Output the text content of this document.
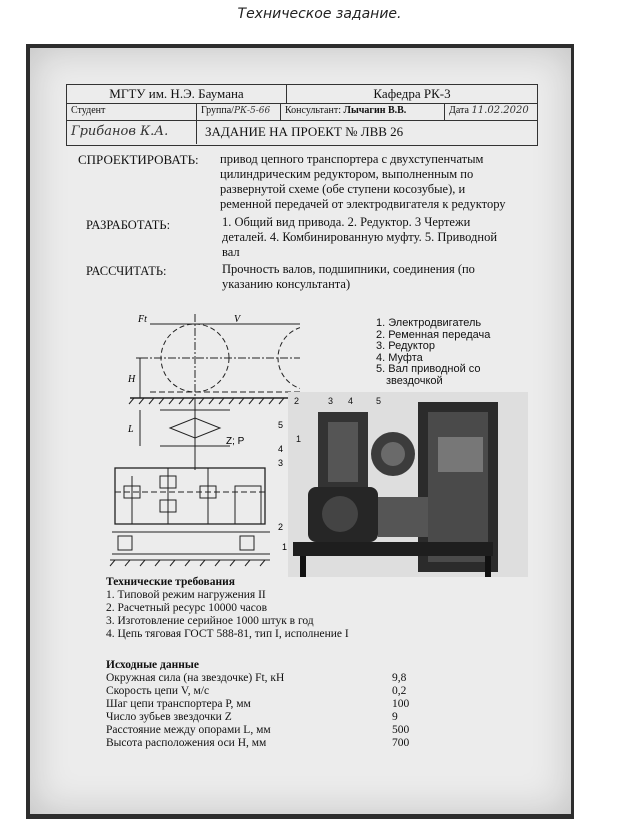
Техническое задание.
МГТУ им. Н.Э. Баумана	Кафедра РК-3
Студент	Группа/РК-5-66	Консультант: Лычагин В.В.	Дата 11.02.2020
Грибанов К.А.	ЗАДАНИЕ НА ПРОЕКТ № ЛВВ 26
СПРОЕКТИРОВАТЬ: привод цепного транспортера с двухступенчатым
цилиндрическим редуктором, выполненным по
развернутой схеме (обе ступени косозубые), и
ременной передачей от электродвигателя к редуктору
РАЗРАБОТАТЬ:	1. Общий вид привода. 2. Редуктор. 3 Чертежи
деталей. 4. Комбинированную муфту. 5. Приводной
вал
РАССЧИТАТЬ:	Прочность валов, подшипники, соединения (по
указанию консультанта)
Ft	V
H
L
Z; P
5
4
3
2
1
1. Электродвигатель
2. Ременная передача
3. Редуктор
4. Муфта
5. Вал приводной со
звездочкой
2	3 4	5
1
Технические требования
1. Типовой режим нагружения II
2. Расчетный ресурс 10000 часов
3. Изготовление серийное 1000 штук в год
4. Цепь тяговая ГОСТ 588-81, тип I, исполнение I
Исходные данные
Окружная сила (на звездочке) Ft, кН	9,8
Скорость цепи V, м/с	0,2
Шаг цепи транспортера P, мм	100
Число зубьев звездочки Z	9
Расстояние между опорами L, мм	500
Высота расположения оси H, мм	700
